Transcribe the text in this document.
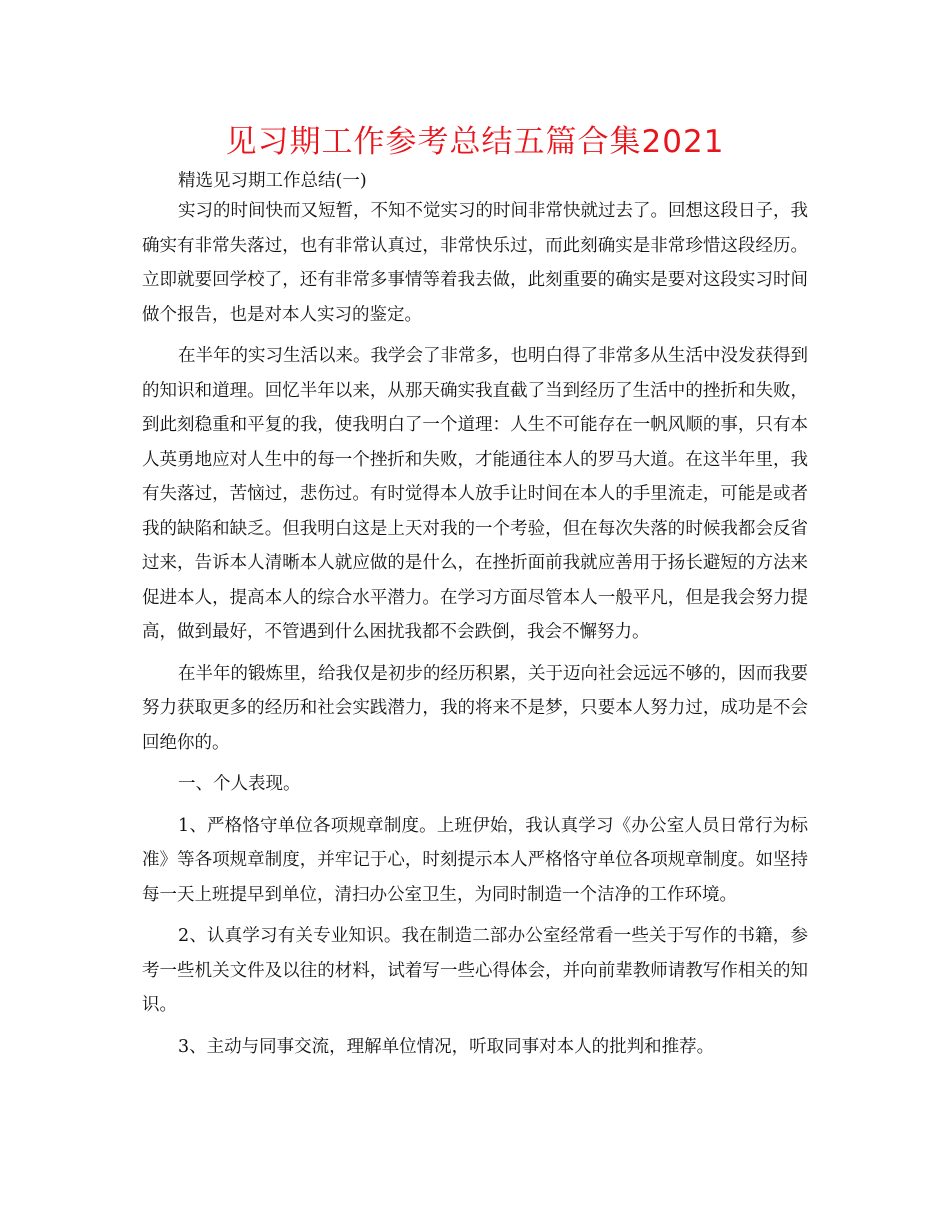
见习期工作参考总结五篇合集2021

精选见习期工作总结(一)

实习的时间快而又短暂，不知不觉实习的时间非常快就过去了。回想这段日子，我确实有非常失落过，也有非常认真过，非常快乐过，而此刻确实是非常珍惜这段经历。立即就要回学校了，还有非常多事情等着我去做，此刻重要的确实是要对这段实习时间做个报告，也是对本人实习的鉴定。

在半年的实习生活以来。我学会了非常多，也明白得了非常多从生活中没发获得到的知识和道理。回忆半年以来，从那天确实我直截了当到经历了生活中的挫折和失败，到此刻稳重和平复的我，使我明白了一个道理：人生不可能存在一帆风顺的事，只有本人英勇地应对人生中的每一个挫折和失败，才能通往本人的罗马大道。在这半年里，我有失落过，苦恼过，悲伤过。有时觉得本人放手让时间在本人的手里流走，可能是或者我的缺陷和缺乏。但我明白这是上天对我的一个考验，但在每次失落的时候我都会反省过来，告诉本人清晰本人就应做的是什么，在挫折面前我就应善用于扬长避短的方法来促进本人，提高本人的综合水平潜力。在学习方面尽管本人一般平凡，但是我会努力提高，做到最好，不管遇到什么困扰我都不会跌倒，我会不懈努力。

在半年的锻炼里，给我仅是初步的经历积累，关于迈向社会远远不够的，因而我要努力获取更多的经历和社会实践潜力，我的将来不是梦，只要本人努力过，成功是不会回绝你的。

一、个人表现。

1、严格恪守单位各项规章制度。上班伊始，我认真学习《办公室人员日常行为标准》等各项规章制度，并牢记于心，时刻提示本人严格恪守单位各项规章制度。如坚持每一天上班提早到单位，清扫办公室卫生，为同时制造一个洁净的工作环境。

2、认真学习有关专业知识。我在制造二部办公室经常看一些关于写作的书籍，参考一些机关文件及以往的材料，试着写一些心得体会，并向前辈教师请教写作相关的知识。

3、主动与同事交流，理解单位情况，听取同事对本人的批判和推荐。
